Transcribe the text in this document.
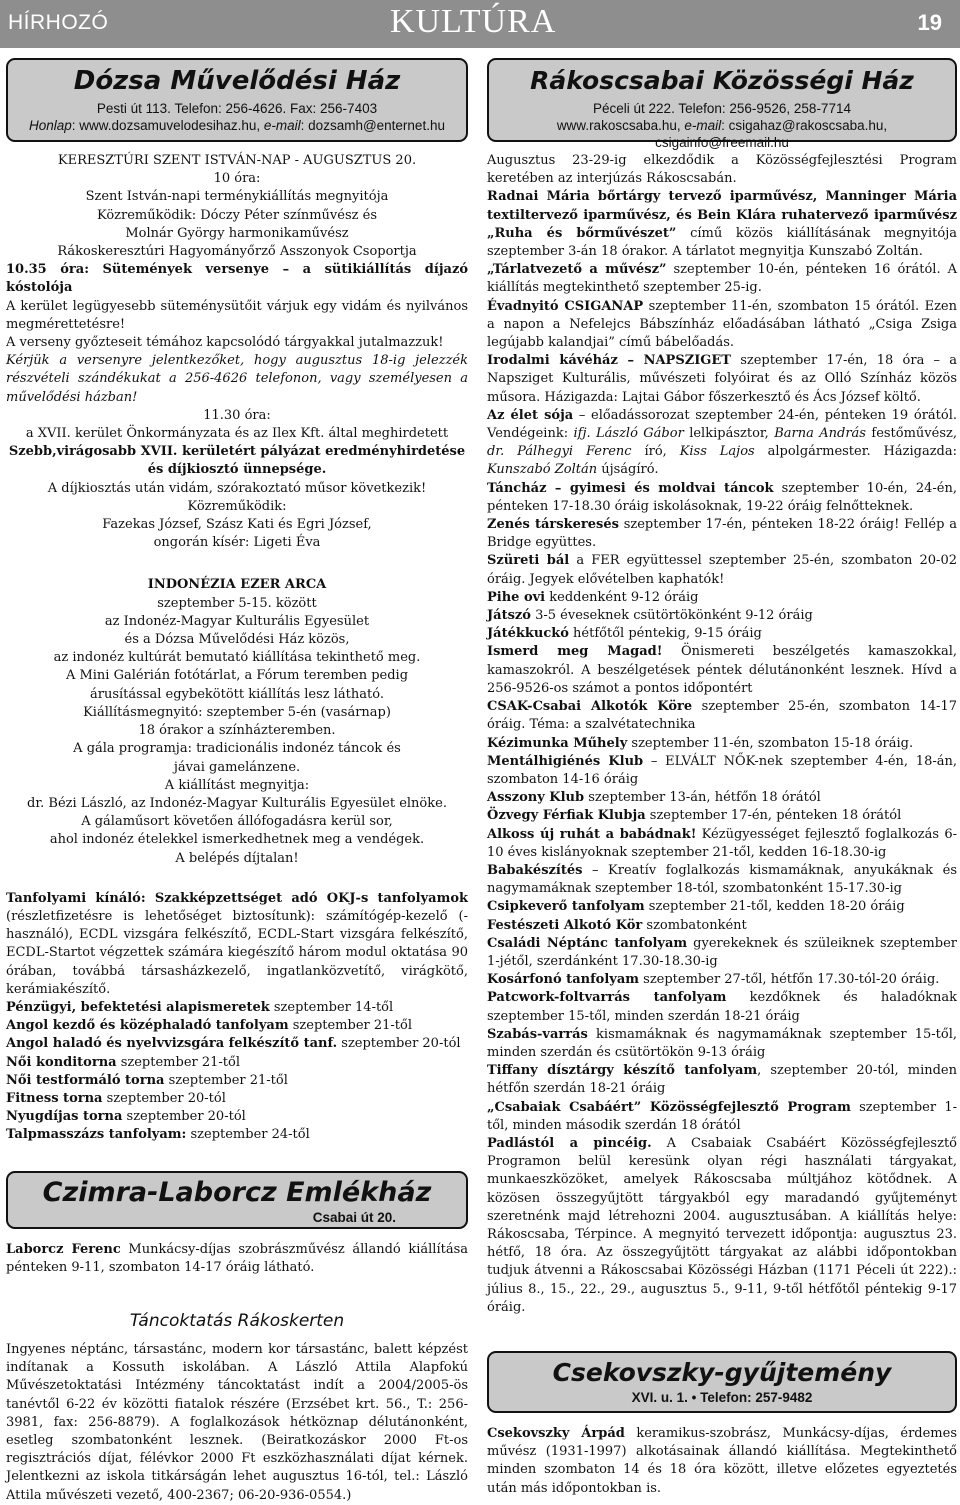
HÍRHOZÓ	KULTÚRA	19
Dózsa Művelődési Ház
Pesti út 113. Telefon: 256-4626. Fax: 256-7403
Honlap: www.dozsamuvelodesihaz.hu, e-mail: dozsamh@enternet.hu
KERESZTÚRI SZENT ISTVÁN-NAP - AUGUSZTUS 20.
10 óra:
Szent István-napi terménykiállítás megnyitója
Közreműködik: Dóczy Péter színművész és
Molnár György harmonikaművész
Rákoskeresztúri Hagyományőrző Asszonyok Csoportja
10.35 óra: Sütemények versenye – a sütikiállítás díjazó kóstolója
A kerület legügyesebb süteménysütőit várjuk egy vidám és nyilvános megmérettetésre!
A verseny győzteseit témához kapcsolódó tárgyakkal jutalmazzuk!
Kérjük a versenyre jelentkezőket, hogy augusztus 18-ig jelezzék részvételi szándékukat a 256-4626 telefonon, vagy személyesen a művelődési házban!
11.30 óra:
a XVII. kerület Önkormányzata és az Ilex Kft. által meghirdetett
Szebb,virágosabb XVII. kerületért pályázat eredményhirdetése
és díjkiosztó ünnepsége.
A díjkiosztás után vidám, szórakoztató műsor következik!
Közreműködik:
Fazekas József, Szász Kati és Egri József,
ongorán kísér: Ligeti Éva
INDONÉZIA EZER ARCA
szeptember 5-15. között
az Indonéz-Magyar Kulturális Egyesület
és a Dózsa Művelődési Ház közös,
az indonéz kultúrát bemutató kiállítása tekinthető meg.
A Mini Galérián fotótárlat, a Fórum teremben pedig
árusítással egybekötött kiállítás lesz látható.
Kiállításmegnyitó: szeptember 5-én (vasárnap)
18 órakor a színházteremben.
A gála programja: tradicionális indonéz táncok és
jávai gamelánzene.
A kiállítást megnyitja:
dr. Bézi László, az Indonéz-Magyar Kulturális Egyesület elnöke.
A gálaműsort követően állófogadásra kerül sor,
ahol indonéz ételekkel ismerkedhetnek meg a vendégek.
A belépés díjtalan!
Tanfolyami kínáló: Szakképzettséget adó OKJ-s tanfolyamok (részletfizetésre is lehetőséget biztosítunk): számítógép-kezelő (-használó), ECDL vizsgára felkészítő, ECDL-Start vizsgára felkészítő, ECDL-Startot végzettek számára kiegészítő három modul oktatása 90 órában, továbbá társasházkezelő, ingatlanközvetítő, virágkötő, kerámiakészítő.
Pénzügyi, befektetési alapismeretek szeptember 14-től
Angol kezdő és középhaladó tanfolyam szeptember 21-től
Angol haladó és nyelvvizsgára felkészítő tanf. szeptember 20-tól
Női konditorna szeptember 21-től
Női testformáló torna szeptember 21-től
Fitness torna szeptember 20-tól
Nyugdíjas torna szeptember 20-tól
Talpmasszázs tanfolyam: szeptember 24-től
Czimra-Laborcz Emlékház
Csabai út 20.
Laborcz Ferenc Munkácsy-díjas szobrászművész állandó kiállítása pénteken 9-11, szombaton 14-17 óráig látható.
Táncoktatás Rákoskerten
Ingyenes néptánc, társastánc, modern kor társastánc, balett képzést indítanak a Kossuth iskolában. A László Attila Alapfokú Művészetoktatási Intézmény táncoktatást indít a 2004/2005-ös tanévtől 6-22 év közötti fiatalok részére (Erzsébet krt. 56., T.: 256-3981, fax: 256-8879). A foglalkozások hétköznap délutánonként, esetleg szombatonként lesznek. (Beiratkozáskor 2000 Ft-os regisztrációs díjat, félévkor 2000 Ft eszközhasználati díjat kérnek. Jelentkezni az iskola titkárságán lehet augusztus 16-tól, tel.: László Attila művészeti vezető, 400-2367; 06-20-936-0554.)
Rákoscsabai Közösségi Ház
Péceli út 222. Telefon: 256-9526, 258-7714
www.rakoscsaba.hu, e-mail: csigahaz@rakoscsaba.hu, csigainfo@freemail.hu
Augusztus 23-29-ig elkezdődik a Közösségfejlesztési Program keretében az interjúzás Rákoscsabán.
Radnai Mária bőrtárgy tervező iparművész, Manninger Mária textiltervező iparművész, és Bein Klára ruhatervező iparművész „Ruha és bőrművészet” című közös kiállításának megnyitója szeptember 3-án 18 órakor. A tárlatot megnyitja Kunszabó Zoltán.
„Tárlatvezető a művész” szeptember 10-én, pénteken 16 órától. A kiállítás megtekinthető szeptember 25-ig.
Évadnyitó CSIGANAP szeptember 11-én, szombaton 15 órától. Ezen a napon a Nefelejcs Bábszínház előadásában látható „Csiga Zsiga legújabb kalandjai” című bábelőadás.
Irodalmi kávéház – NAPSZIGET szeptember 17-én, 18 óra – a Napsziget Kulturális, művészeti folyóirat és az Olló Színház közös műsora. Házigazda: Lajtai Gábor főszerkesztő és Ács József költő.
Az élet sója – előadássorozat szeptember 24-én, pénteken 19 órától. Vendégeink: ifj. László Gábor lelkipásztor, Barna András festőművész, dr. Pálhegyi Ferenc író, Kiss Lajos alpolgármester. Házigazda: Kunszabó Zoltán újságíró.
Táncház – gyimesi és moldvai táncok szeptember 10-én, 24-én, pénteken 17-18.30 óráig iskolásoknak, 19-22 óráig felnőtteknek.
Zenés társkeresés szeptember 17-én, pénteken 18-22 óráig! Fellép a Bridge együttes.
Szüreti bál a FER együttessel szeptember 25-én, szombaton 20-02 óráig. Jegyek elővételben kaphatók!
Pihe ovi keddenként 9-12 óráig
Játszó 3-5 éveseknek csütörtökönként 9-12 óráig
Játékkuckó hétfőtől péntekig, 9-15 óráig
Ismerd meg Magad! Önismereti beszélgetés kamaszokkal, kamaszokról. A beszélgetések péntek délutánonként lesznek. Hívd a 256-9526-os számot a pontos időpontért
CSAK-Csabai Alkotók Köre szeptember 25-én, szombaton 14-17 óráig. Téma: a szalvétatechnika
Kézimunka Műhely szeptember 11-én, szombaton 15-18 óráig.
Mentálhigiénés Klub – ELVÁLT NŐK-nek szeptember 4-én, 18-án, szombaton 14-16 óráig
Asszony Klub szeptember 13-án, hétfőn 18 órától
Özvegy Férfiak Klubja szeptember 17-én, pénteken 18 órától
Alkoss új ruhát a babádnak! Kézügyességet fejlesztő foglalkozás 6-10 éves kislányoknak szeptember 21-től, kedden 16-18.30-ig
Babakészítés – Kreatív foglalkozás kismamáknak, anyukáknak és nagymamáknak szeptember 18-tól, szombatonként 15-17.30-ig
Csipkeverő tanfolyam szeptember 21-től, kedden 18-20 óráig
Festészeti Alkotó Kör szombatonként
Családi Néptánc tanfolyam gyerekeknek és szüleiknek szeptember 1-jétől, szerdánként 17.30-18.30-ig
Kosárfonó tanfolyam szeptember 27-től, hétfőn 17.30-tól-20 óráig.
Patcwork-foltvarrás tanfolyam kezdőknek és haladóknak szeptember 15-től, minden szerdán 18-21 óráig
Szabás-varrás kismamáknak és nagymamáknak szeptember 15-től, minden szerdán és csütörtökön 9-13 óráig
Tiffany dísztárgy készítő tanfolyam, szeptember 20-tól, minden hétfőn szerdán 18-21 óráig
„Csabaiak Csabáért” Közösségfejlesztő Program szeptember 1-től, minden második szerdán 18 órától
Padlástól a pincéig. A Csabaiak Csabáért Közösségfejlesztő Programon belül keresünk olyan régi használati tárgyakat, munkaeszközöket, amelyek Rákoscsaba múltjához kötődnek. A közösen összegyűjtött tárgyakból egy maradandó gyűjteményt szeretnénk majd létrehozni 2004. augusztusában. A kiállítás helye: Rákoscsaba, Térpince. A megnyitó tervezett időpontja: augusztus 23. hétfő, 18 óra. Az összegyűjtött tárgyakat az alábbi időpontokban tudjuk átvenni a Rákoscsabai Közösségi Házban (1171 Péceli út 222).: július 8., 15., 22., 29., augusztus 5., 9-11, 9-től hétfőtől péntekig 9-17 óráig.
Csekovszky-gyűjtemény
XVI. u. 1. • Telefon: 257-9482
Csekovszky Árpád keramikus-szobrász, Munkácsy-díjas, érdemes művész (1931-1997) alkotásainak állandó kiállítása. Megtekinthető minden szombaton 14 és 18 óra között, illetve előzetes egyeztetés után más időpontokban is.
